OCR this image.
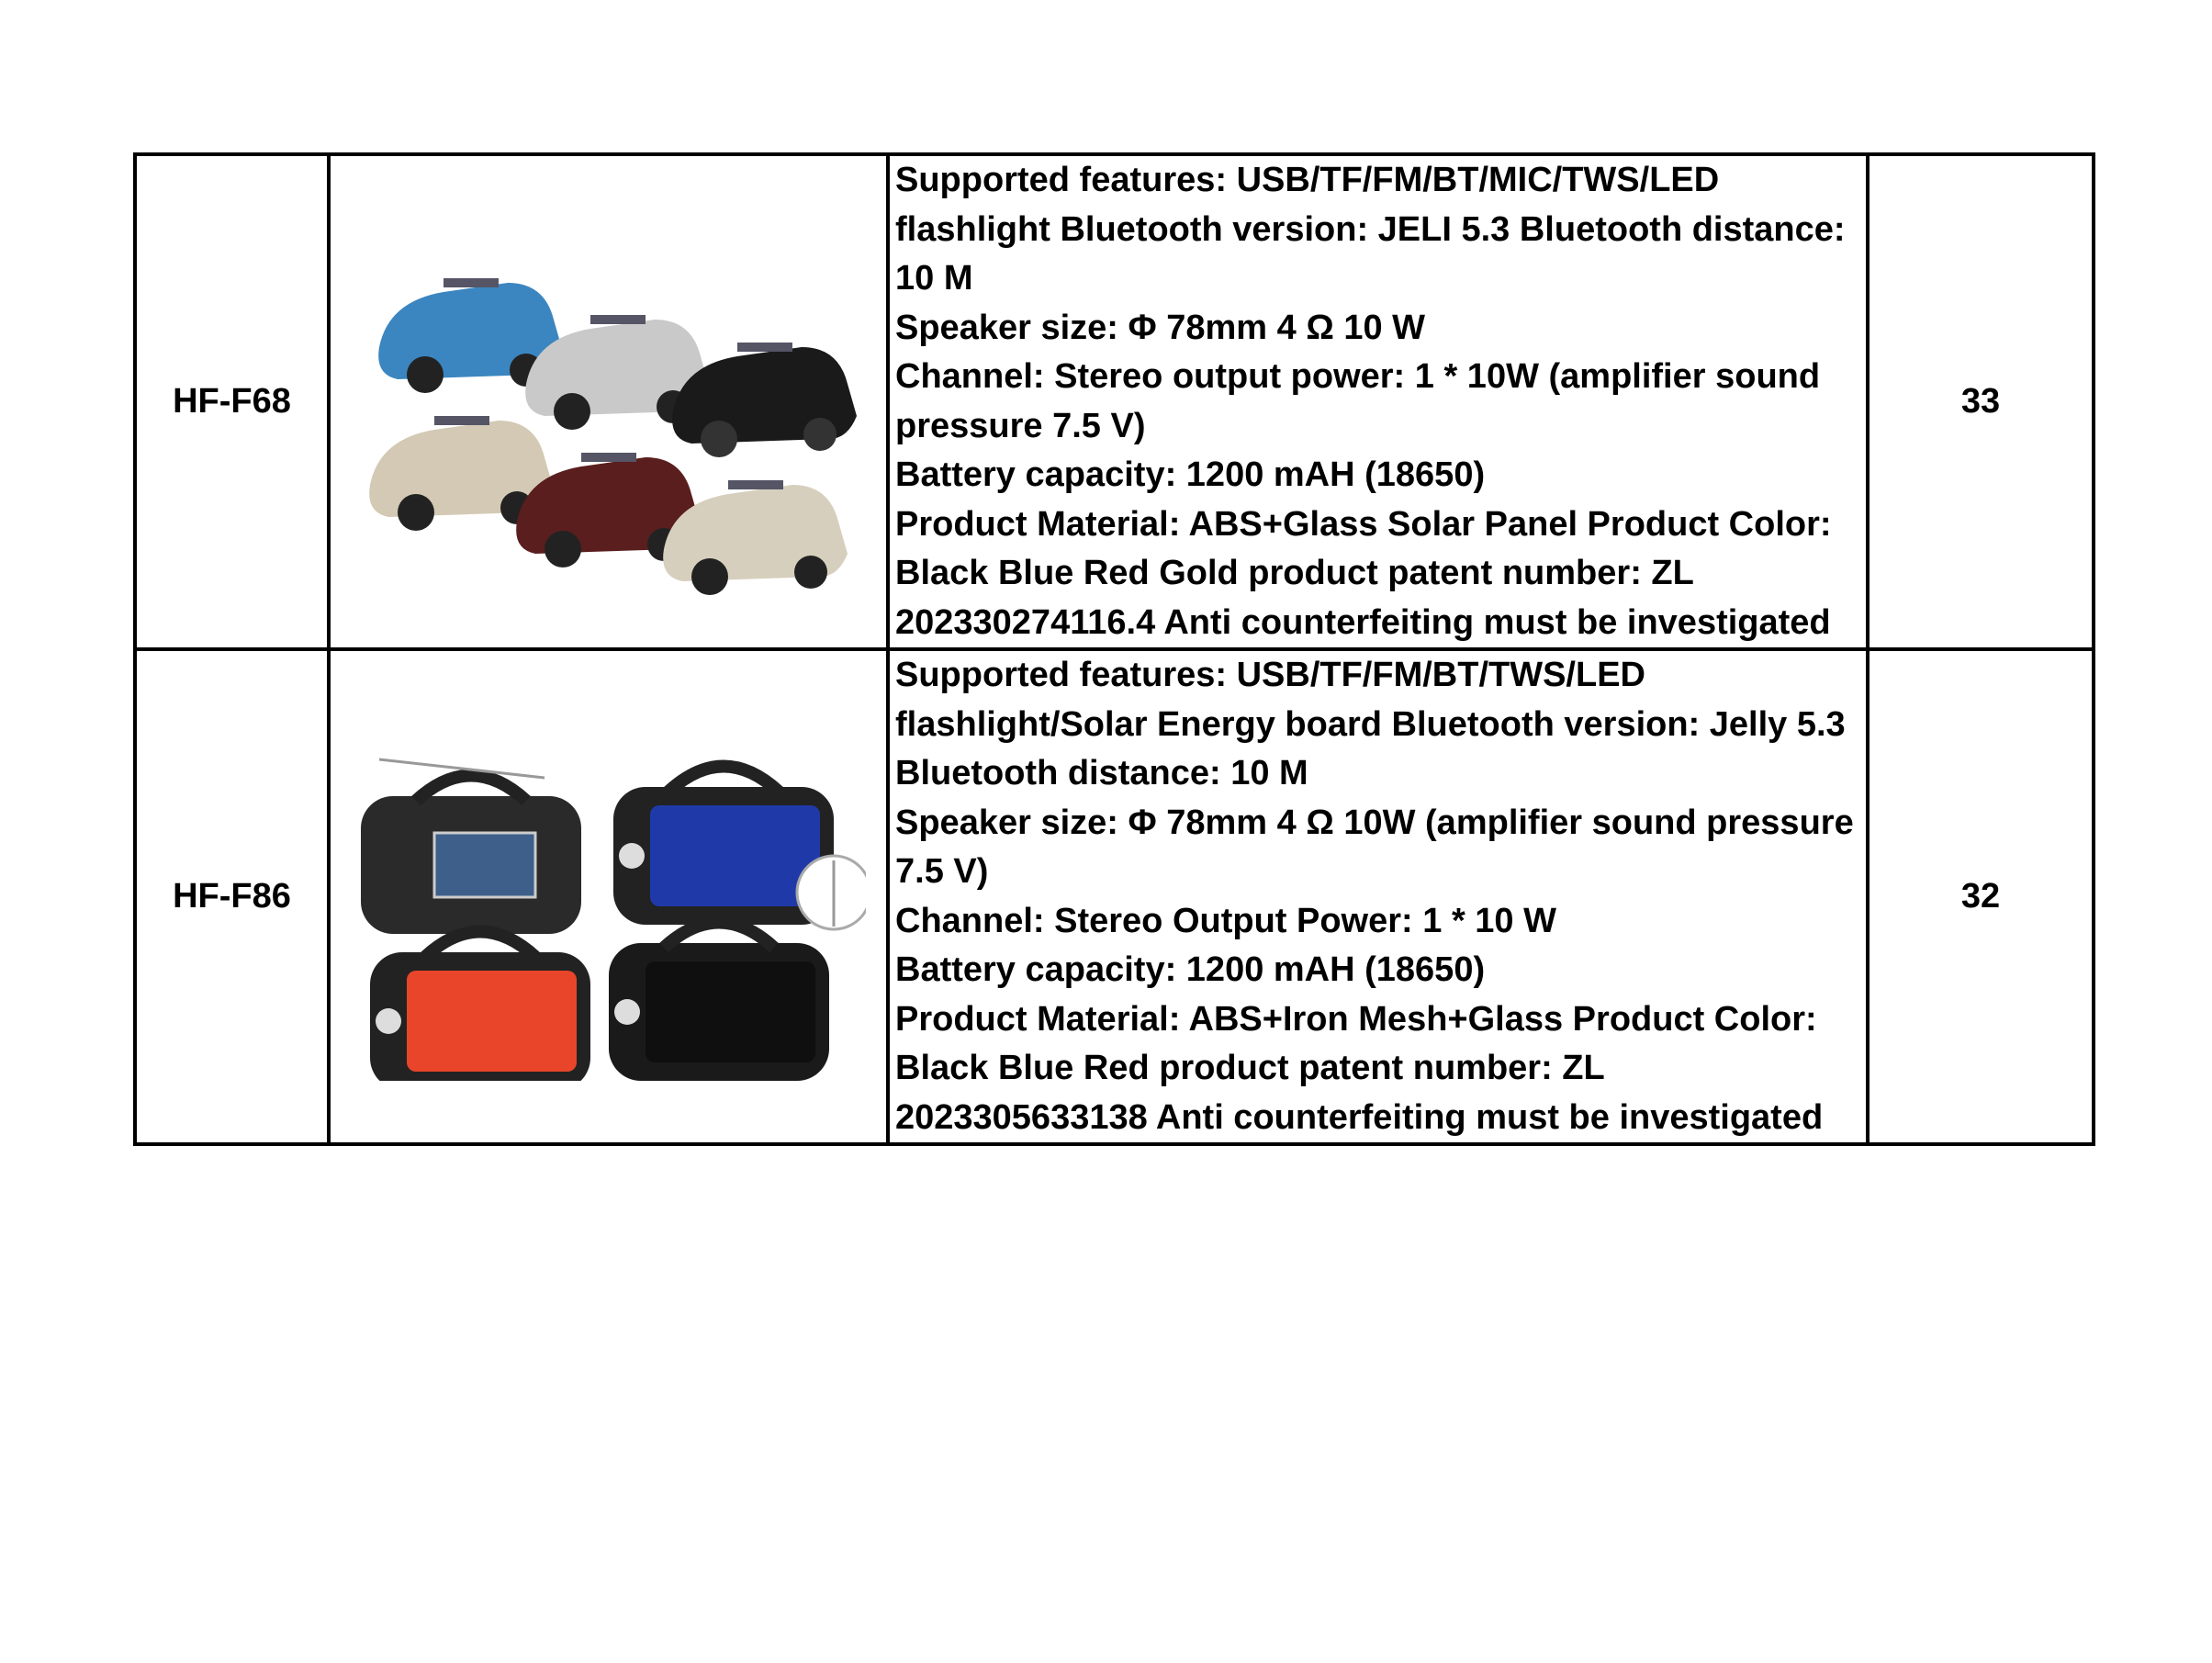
HF-F68		Supported features: USB/TF/FM/BT/MIC/TWS/LED flashlight Bluetooth version: JELI 5.3 Bluetooth distance: 10 M
Speaker size: Φ 78mm 4 Ω 10 W
Channel: Stereo output power: 1 * 10W (amplifier sound pressure 7.5 V)
Battery capacity: 1200 mAH (18650)
Product Material: ABS+Glass Solar Panel Product Color: Black Blue Red Gold product patent number: ZL 202330274116.4 Anti counterfeiting must be investigated	33
HF-F86		Supported features: USB/TF/FM/BT/TWS/LED flashlight/Solar Energy board Bluetooth version: Jelly 5.3 Bluetooth distance: 10 M
Speaker size: Φ 78mm 4 Ω 10W (amplifier sound pressure 7.5 V)
Channel: Stereo Output Power: 1 * 10 W
Battery capacity: 1200 mAH (18650)
Product Material: ABS+Iron Mesh+Glass Product Color: Black Blue Red product patent number: ZL 2023305633138 Anti counterfeiting must be investigated	32
